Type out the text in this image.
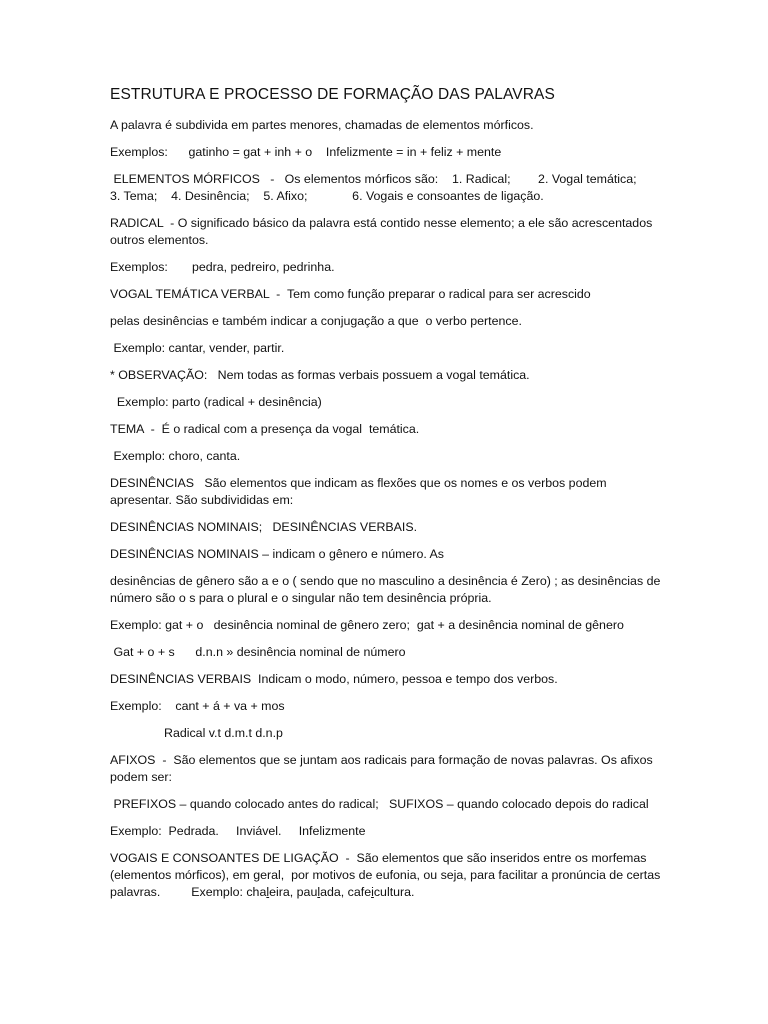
ESTRUTURA E PROCESSO DE FORMAÇÃO DAS PALAVRAS

A palavra é subdivida em partes menores, chamadas de elementos mórficos.

Exemplos:      gatinho = gat + inh + o    Infelizmente = in + feliz + mente

ELEMENTOS MÓRFICOS   -   Os elementos mórficos são:    1. Radical;        2. Vogal temática;     3. Tema;    4. Desinência;    5. Afixo;             6. Vogais e consoantes de ligação.

RADICAL  - O significado básico da palavra está contido nesse elemento; a ele são acrescentados outros elementos.

Exemplos:       pedra, pedreiro, pedrinha.

VOGAL TEMÁTICA VERBAL  -  Tem como função preparar o radical para ser acrescido

pelas desinências e também indicar a conjugação a que  o verbo pertence.

Exemplo: cantar, vender, partir.

* OBSERVAÇÃO:   Nem todas as formas verbais possuem a vogal temática.

Exemplo: parto (radical + desinência)

TEMA  -  É o radical com a presença da vogal  temática.

Exemplo: choro, canta.

DESINÊNCIAS   São elementos que indicam as flexões que os nomes e os verbos podem apresentar. São subdivididas em:

DESINÊNCIAS NOMINAIS;   DESINÊNCIAS VERBAIS.

DESINÊNCIAS NOMINAIS – indicam o gênero e número. As

desinências de gênero são a e o ( sendo que no masculino a desinência é Zero) ; as desinências de número são o s para o plural e o singular não tem desinência própria.

Exemplo: gat + o   desinência nominal de gênero zero;  gat + a desinência nominal de gênero

Gat + o + s      d.n.n » desinência nominal de número

DESINÊNCIAS VERBAIS  Indicam o modo, número, pessoa e tempo dos verbos.

Exemplo:    cant + á + va + mos

Radical v.t d.m.t d.n.p

AFIXOS  -  São elementos que se juntam aos radicais para formação de novas palavras. Os afixos podem ser:

PREFIXOS – quando colocado antes do radical;   SUFIXOS – quando colocado depois do radical

Exemplo:  Pedrada.     Inviável.     Infelizmente

VOGAIS E CONSOANTES DE LIGAÇÃO  -  São elementos que são inseridos entre os morfemas (elementos mórficos), em geral,  por motivos de eufonia, ou seja, para facilitar a pronúncia de certas palavras.         Exemplo: chaleira, paulada, cafeicultura.
